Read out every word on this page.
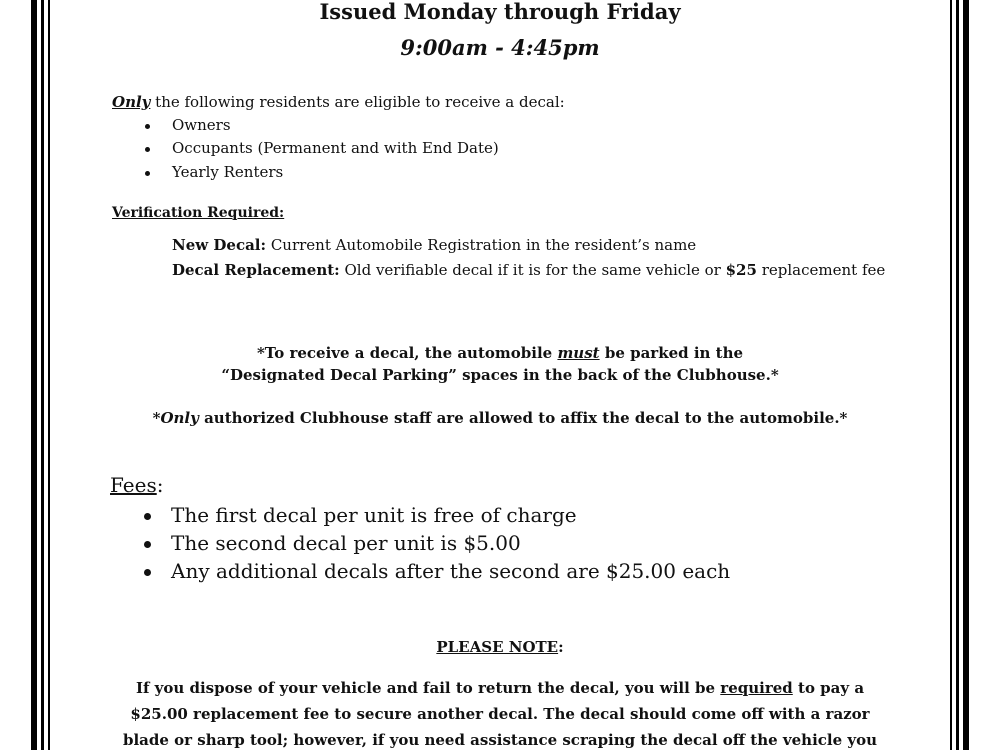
Issued Monday through Friday
9:00am - 4:45pm
Only the following residents are eligible to receive a decal:
Owners
Occupants (Permanent and with End Date)
Yearly Renters
Verification Required:
New Decal: Current Automobile Registration in the resident’s name
Decal Replacement: Old verifiable decal if it is for the same vehicle or $25 replacement fee
*To receive a decal, the automobile must be parked in the
“Designated Decal Parking” spaces in the back of the Clubhouse.*
*Only authorized Clubhouse staff are allowed to affix the decal to the automobile.*
Fees:
The first decal per unit is free of charge
The second decal per unit is $5.00
Any additional decals after the second are $25.00 each
PLEASE NOTE:
If you dispose of your vehicle and fail to return the decal, you will be required to pay a
$25.00 replacement fee to secure another decal. The decal should come off with a razor
blade or sharp tool; however, if you need assistance scraping the decal off the vehicle you
